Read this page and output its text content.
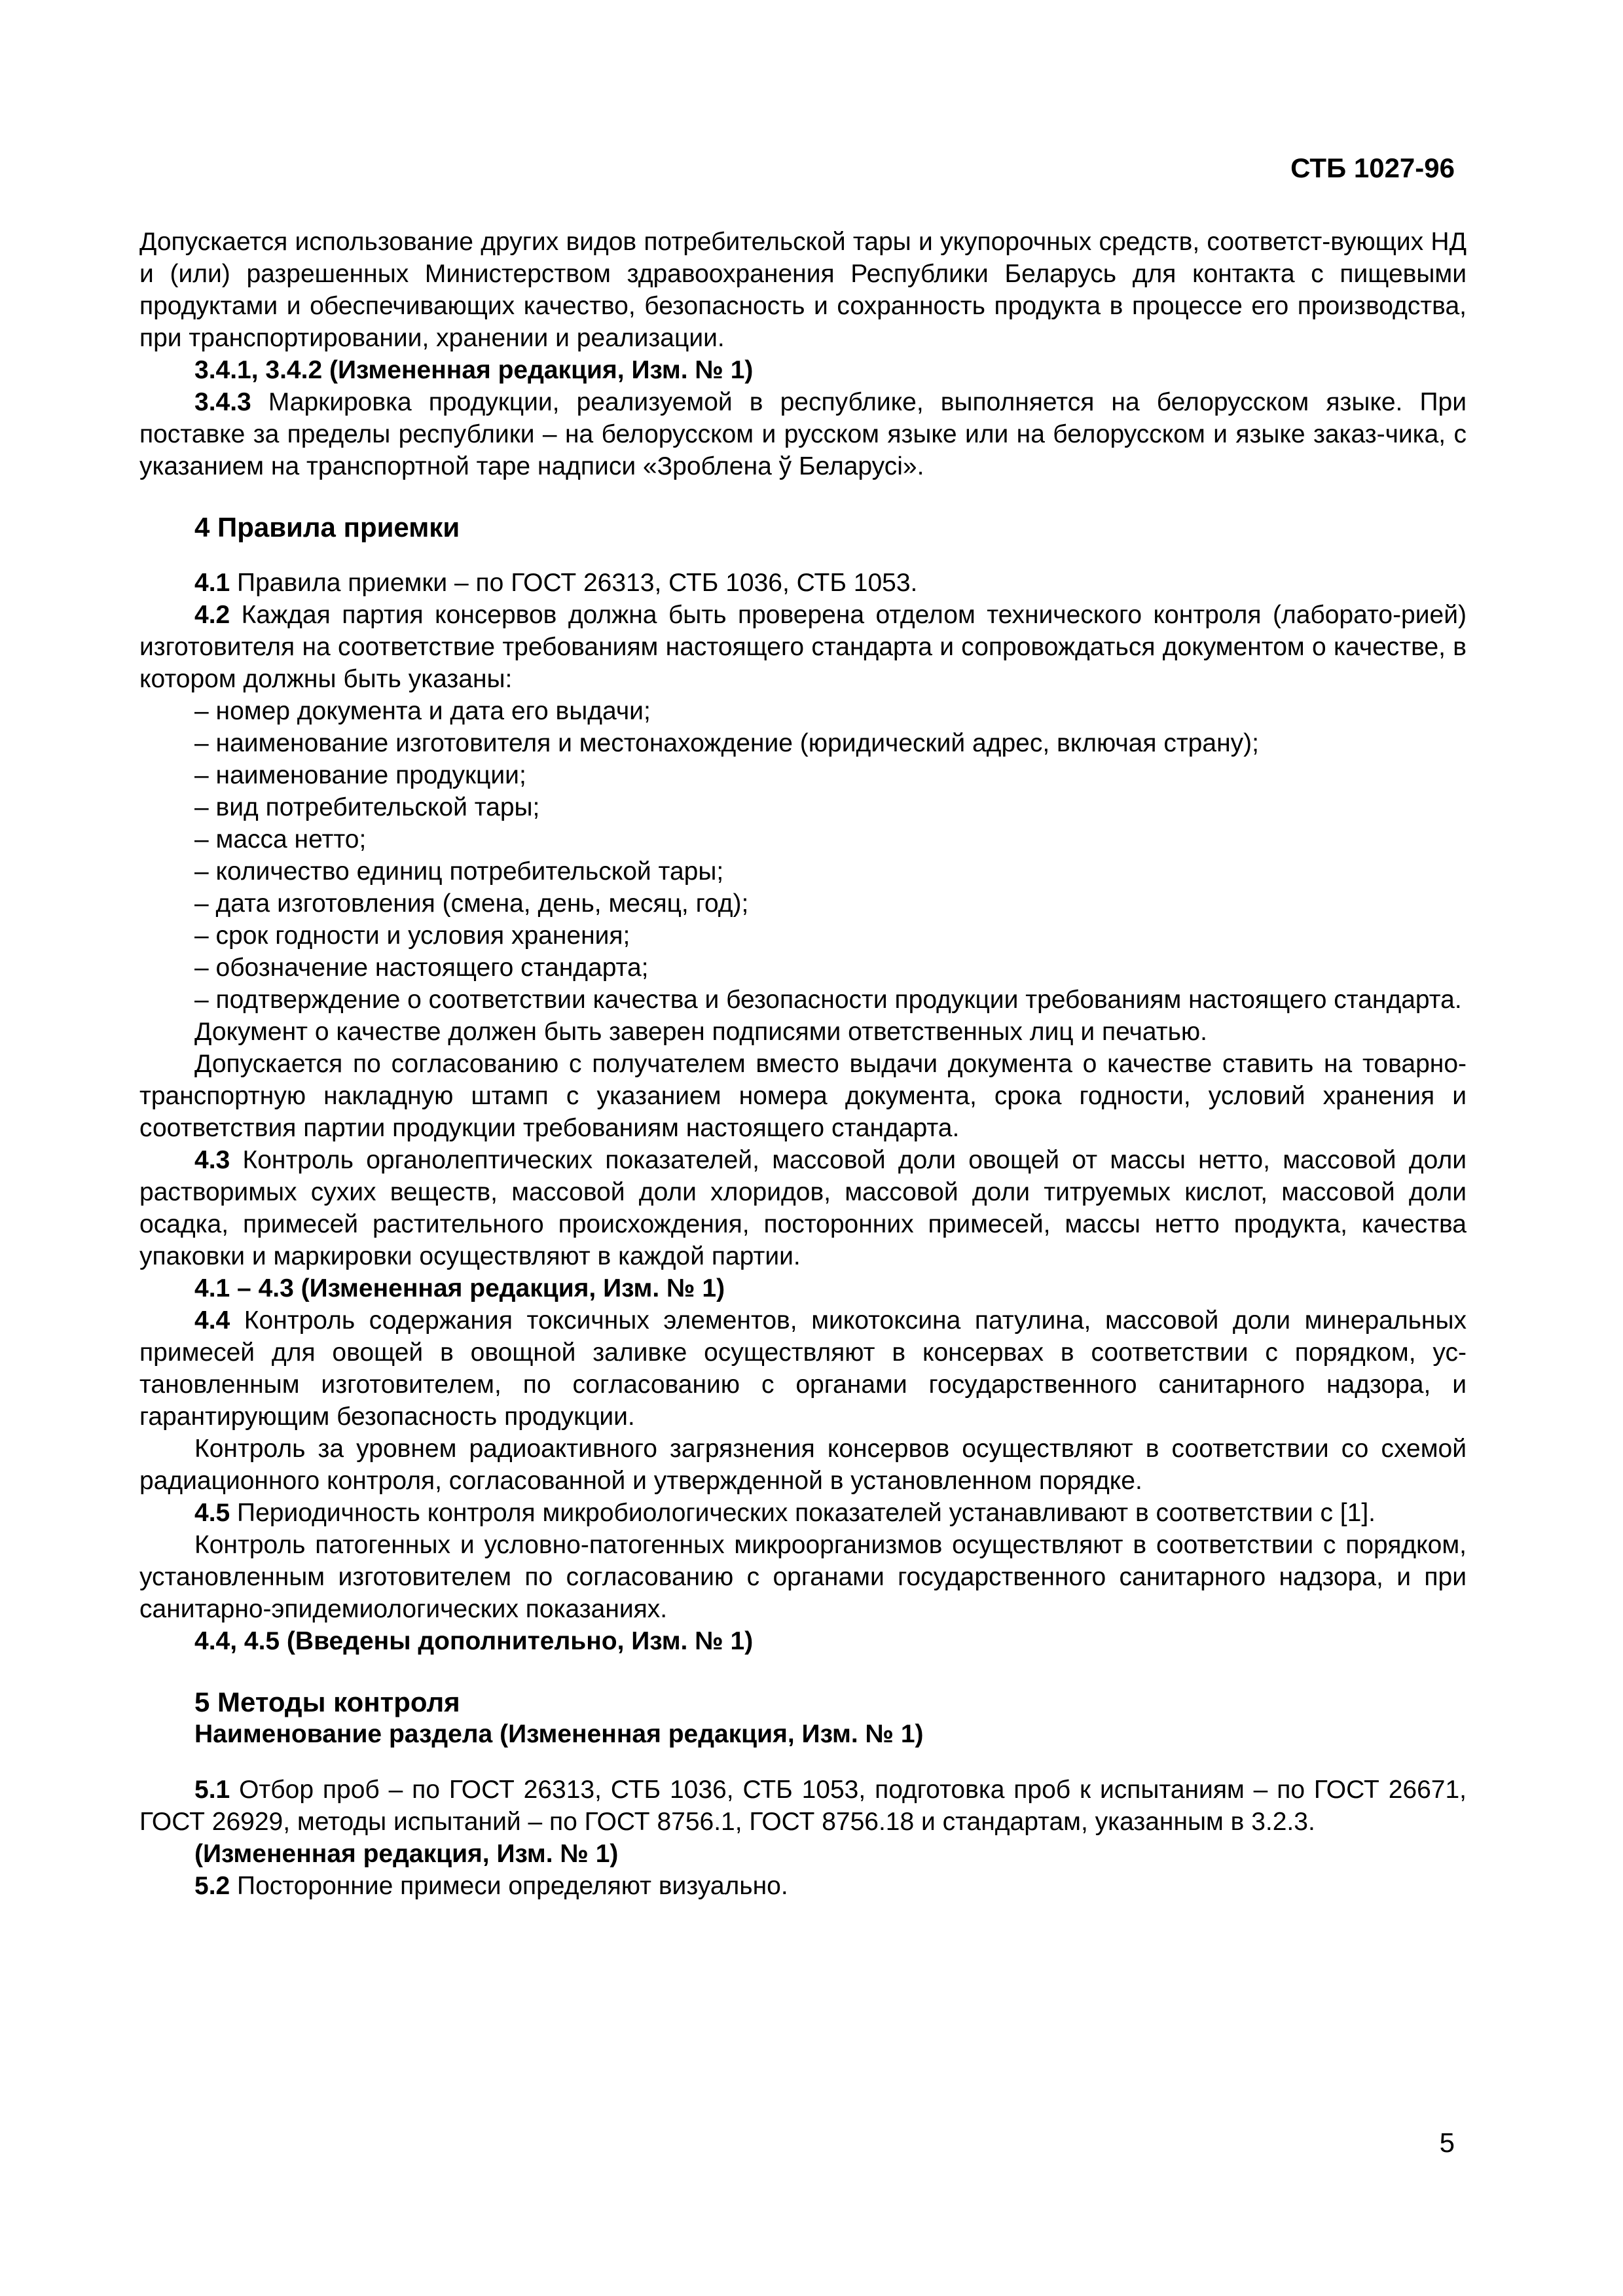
СТБ 1027-96

Допускается использование других видов потребительской тары и укупорочных средств, соответст-вующих НД и (или) разрешенных Министерством здравоохранения Республики Беларусь для контакта с пищевыми продуктами и обеспечивающих качество, безопасность и сохранность продукта в процессе его производства, при транспортировании, хранении и реализации.

3.4.1, 3.4.2 (Измененная редакция, Изм. № 1)

3.4.3 Маркировка продукции, реализуемой в республике, выполняется на белорусском языке. При поставке за пределы республики – на белорусском и русском языке или на белорусском и языке заказ-чика, с указанием на транспортной таре надписи «Зроблена ў Беларусі».

4 Правила приемки

4.1 Правила приемки – по ГОСТ 26313, СТБ 1036, СТБ 1053.

4.2 Каждая партия консервов должна быть проверена отделом технического контроля (лаборато-рией) изготовителя на соответствие требованиям настоящего стандарта и сопровождаться документом о качестве, в котором должны быть указаны:

– номер документа и дата его выдачи;

– наименование изготовителя и местонахождение (юридический адрес, включая страну);

– наименование продукции;

– вид потребительской тары;

– масса нетто;

– количество единиц потребительской тары;

– дата изготовления (смена, день, месяц, год);

– срок годности и условия хранения;

– обозначение настоящего стандарта;

– подтверждение о соответствии качества и безопасности продукции требованиям настоящего стандарта.

Документ о качестве должен быть заверен подписями ответственных лиц и печатью.

Допускается по согласованию с получателем вместо выдачи документа о качестве ставить на товарно-транспортную накладную штамп с указанием номера документа, срока годности, условий хранения и соответствия партии продукции требованиям настоящего стандарта.

4.3 Контроль органолептических показателей, массовой доли овощей от массы нетто, массовой доли растворимых сухих веществ, массовой доли хлоридов, массовой доли титруемых кислот, массовой доли осадка, примесей растительного происхождения, посторонних примесей, массы нетто продукта, качества упаковки и маркировки осуществляют в каждой партии.

4.1 – 4.3 (Измененная редакция, Изм. № 1)

4.4 Контроль содержания токсичных элементов, микотоксина патулина, массовой доли минеральных примесей для овощей в овощной заливке осуществляют в консервах в соответствии с порядком, ус-тановленным изготовителем, по согласованию с органами государственного санитарного надзора, и гарантирующим безопасность продукции.

Контроль за уровнем радиоактивного загрязнения консервов осуществляют в соответствии со схемой радиационного контроля, согласованной и утвержденной в установленном порядке.

4.5 Периодичность контроля микробиологических показателей устанавливают в соответствии с [1].

Контроль патогенных и условно-патогенных микроорганизмов осуществляют в соответствии с порядком, установленным изготовителем по согласованию с органами государственного санитарного надзора, и при санитарно-эпидемиологических показаниях.

4.4, 4.5 (Введены дополнительно, Изм. № 1)

5 Методы контроля
Наименование раздела (Измененная редакция, Изм. № 1)

5.1 Отбор проб – по ГОСТ 26313, СТБ 1036, СТБ 1053, подготовка проб к испытаниям – по ГОСТ 26671, ГОСТ 26929, методы испытаний – по ГОСТ 8756.1, ГОСТ 8756.18 и стандартам, указанным в 3.2.3.

(Измененная редакция, Изм. № 1)

5.2 Посторонние примеси определяют визуально.

5
